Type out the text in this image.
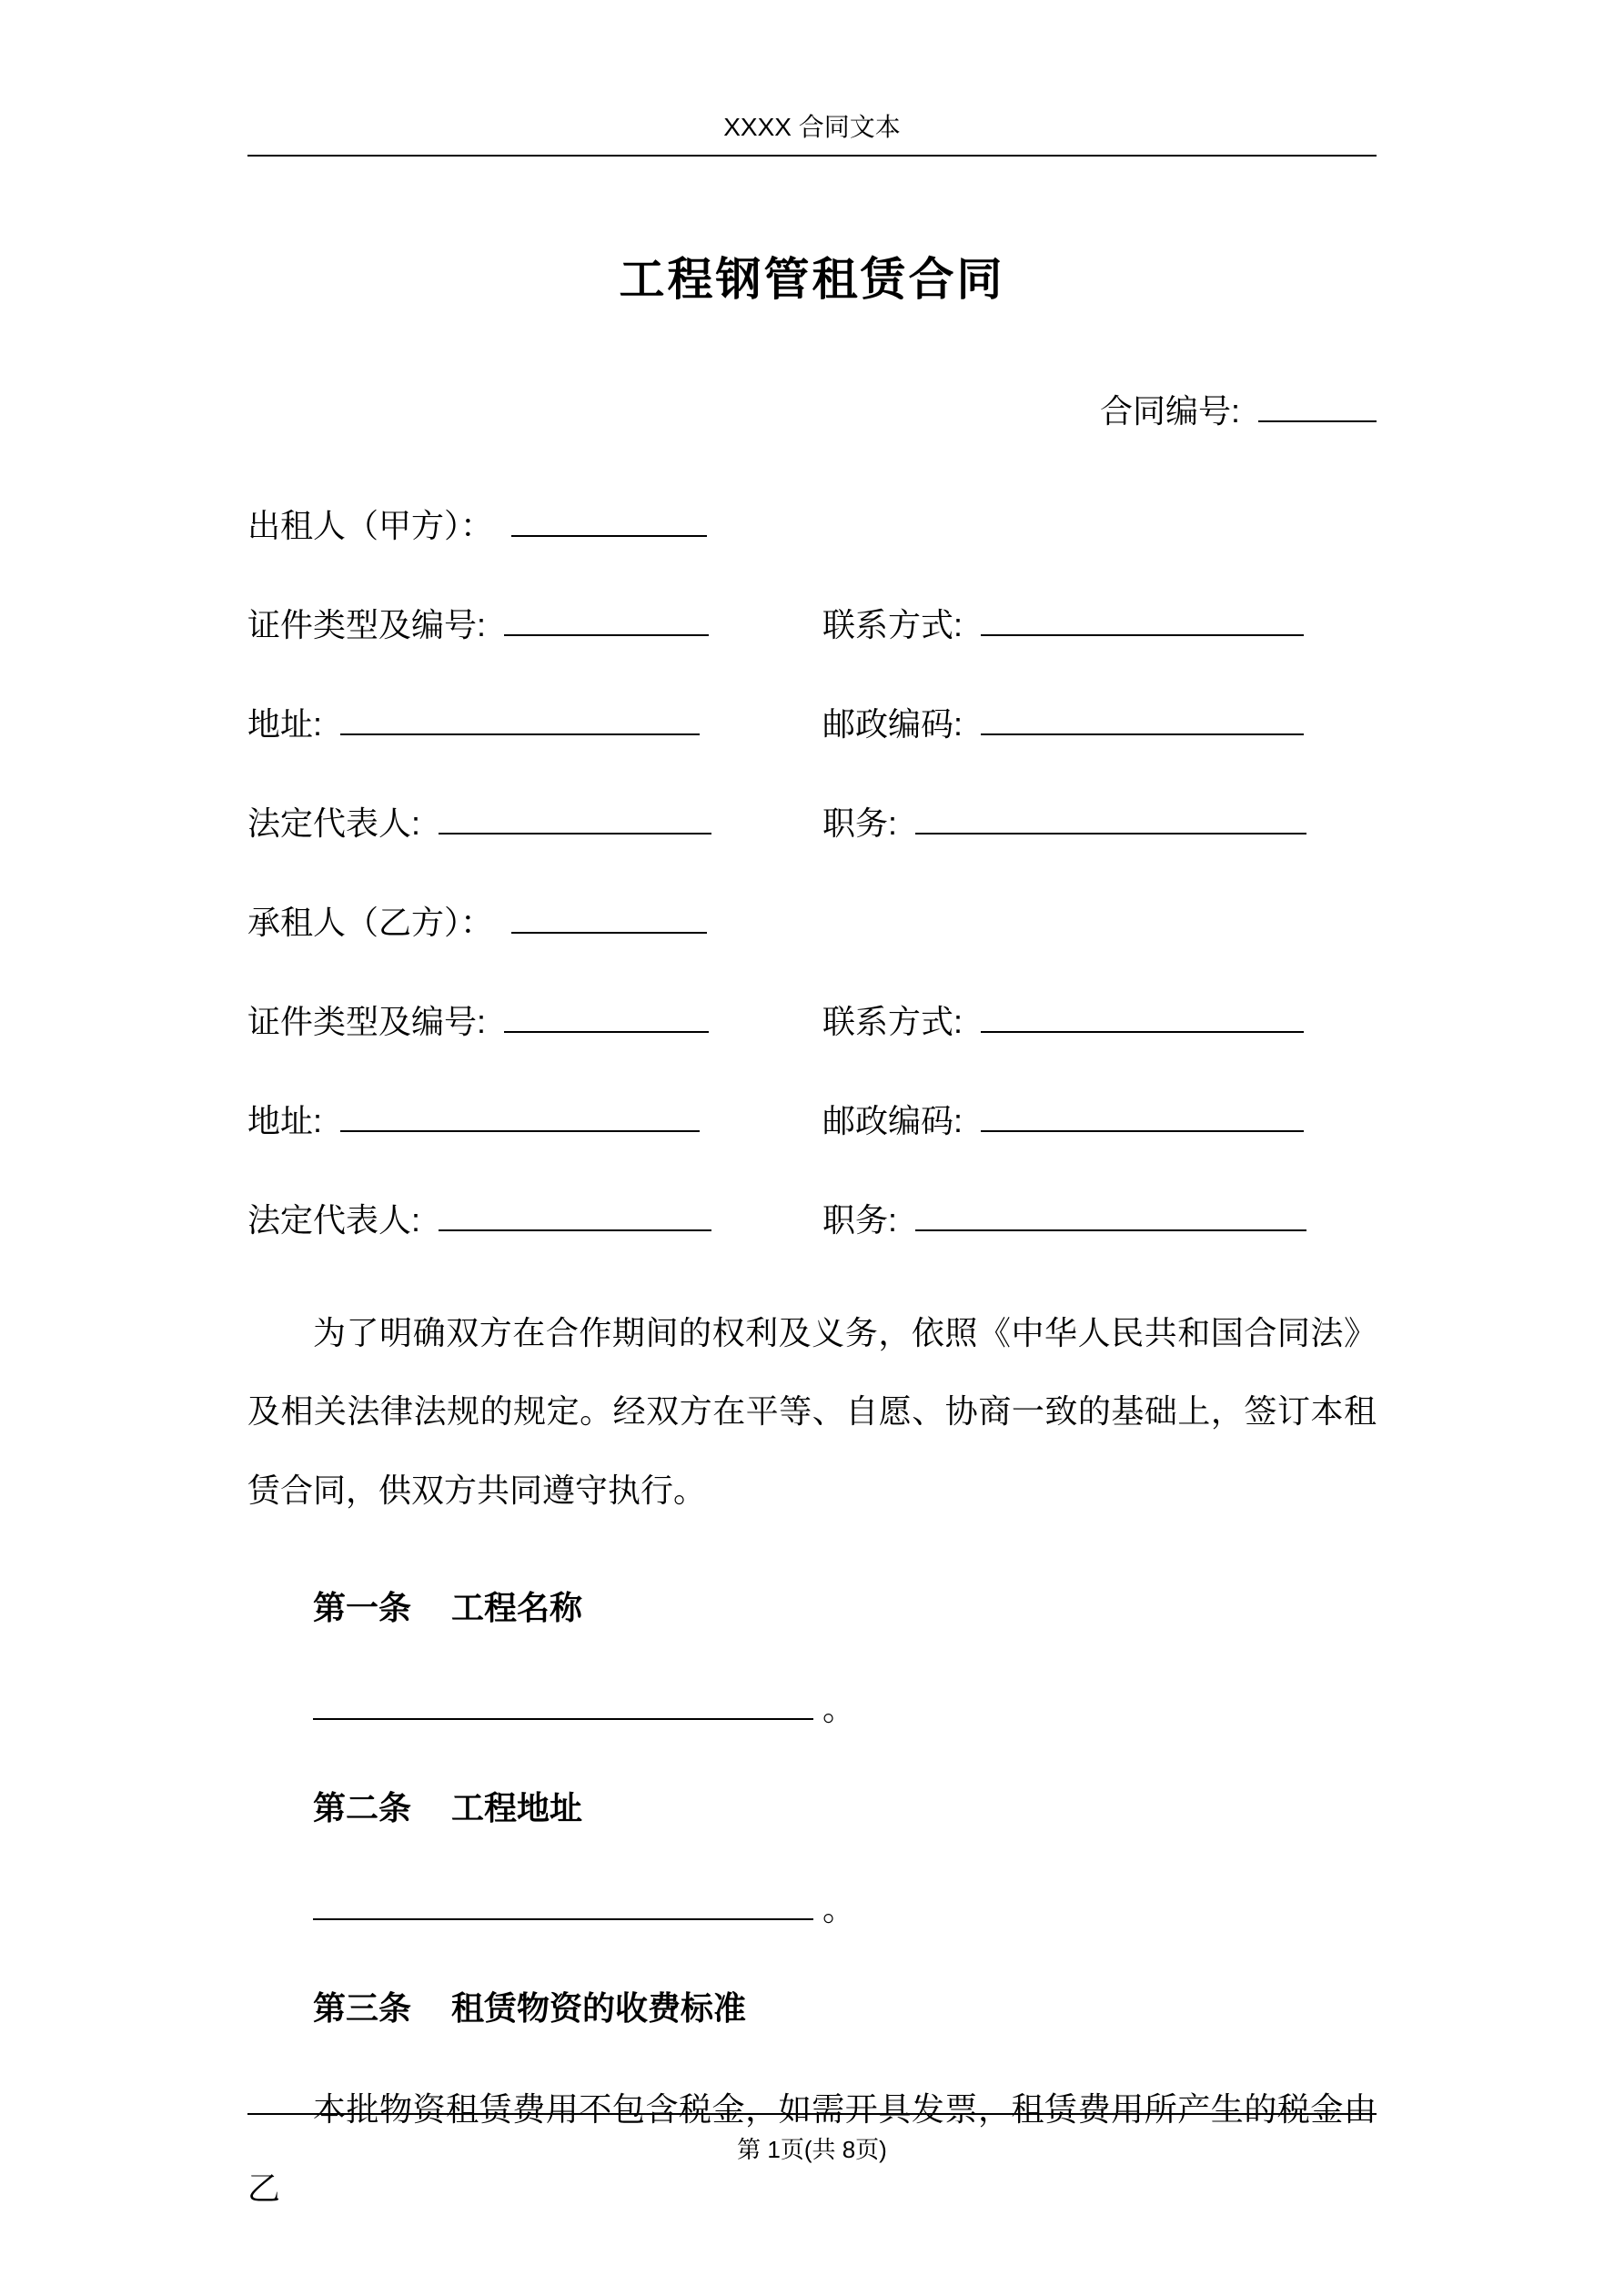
XXXX 合同文本
工程钢管租赁合同
合同编号:
出租人（甲方）：
证件类型及编号:	联系方式:
地址:	邮政编码:
法定代表人:	职务:
承租人（乙方）：
证件类型及编号:	联系方式:
地址:	邮政编码:
法定代表人:	职务:
为了明确双方在合作期间的权利及义务，依照《中华人民共和国合同法》及相关法律法规的规定。经双方在平等、自愿、协商一致的基础上，签订本租赁合同，供双方共同遵守执行。
第一条 工程名称
。
第二条 工程地址
。
第三条 租赁物资的收费标准
本批物资租赁费用不包含税金，如需开具发票，租赁费用所产生的税金由乙
第 1页(共 8页)
